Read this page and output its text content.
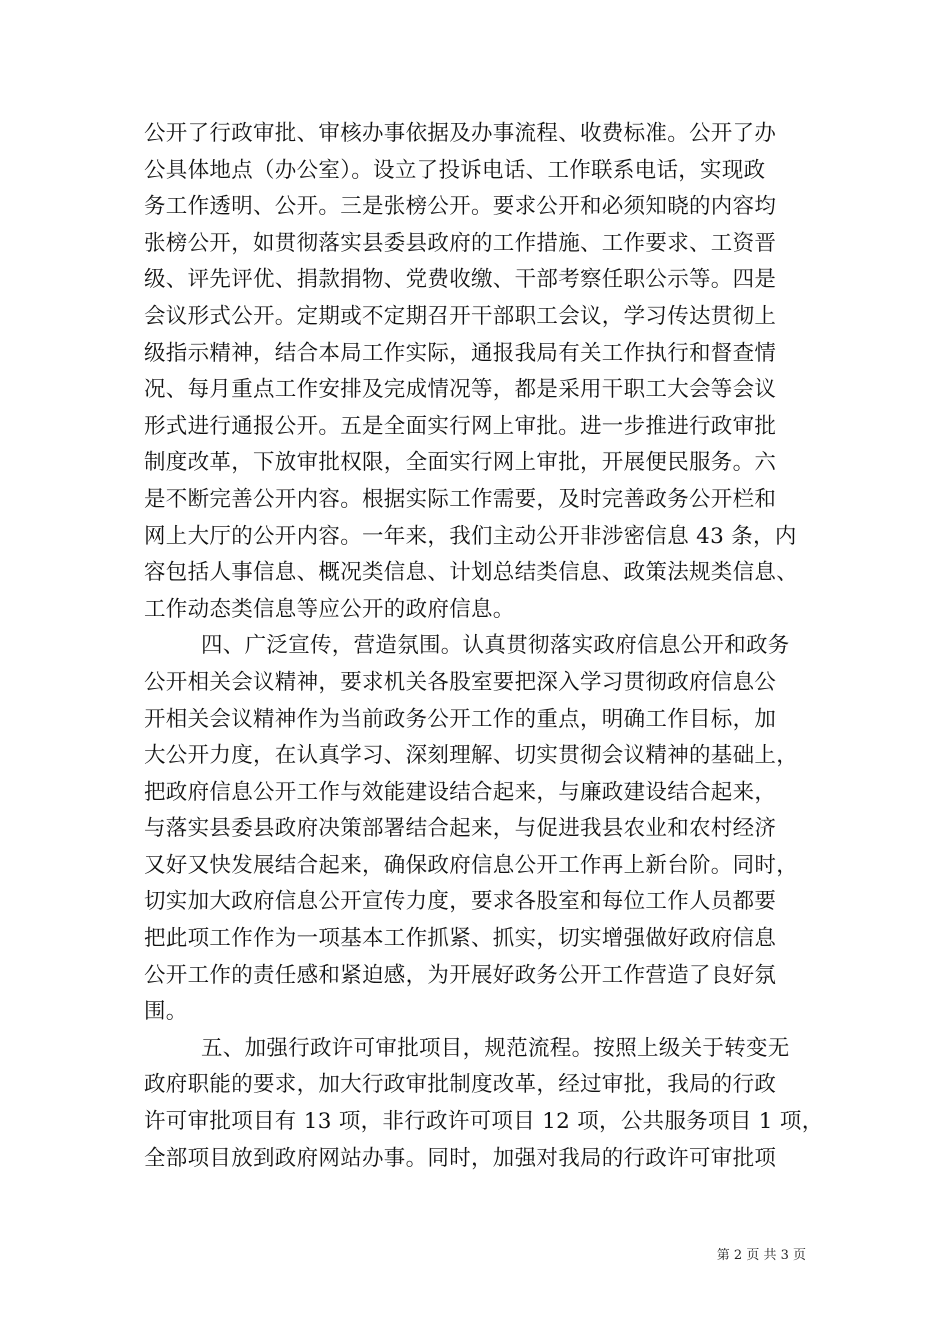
公开了行政审批、审核办事依据及办事流程、收费标准。公开了办
公具体地点（办公室）。设立了投诉电话、工作联系电话，实现政
务工作透明、公开。三是张榜公开。要求公开和必须知晓的内容均
张榜公开，如贯彻落实县委县政府的工作措施、工作要求、工资晋
级、评先评优、捐款捐物、党费收缴、干部考察任职公示等。四是
会议形式公开。定期或不定期召开干部职工会议，学习传达贯彻上
级指示精神，结合本局工作实际，通报我局有关工作执行和督查情
况、每月重点工作安排及完成情况等，都是采用干职工大会等会议
形式进行通报公开。五是全面实行网上审批。进一步推进行政审批
制度改革，下放审批权限，全面实行网上审批，开展便民服务。六
是不断完善公开内容。根据实际工作需要，及时完善政务公开栏和
网上大厅的公开内容。一年来，我们主动公开非涉密信息 43 条，内
容包括人事信息、概况类信息、计划总结类信息、政策法规类信息、
工作动态类信息等应公开的政府信息。
四、广泛宣传，营造氛围。认真贯彻落实政府信息公开和政务
公开相关会议精神，要求机关各股室要把深入学习贯彻政府信息公
开相关会议精神作为当前政务公开工作的重点，明确工作目标，加
大公开力度，在认真学习、深刻理解、切实贯彻会议精神的基础上，
把政府信息公开工作与效能建设结合起来，与廉政建设结合起来，
与落实县委县政府决策部署结合起来，与促进我县农业和农村经济
又好又快发展结合起来，确保政府信息公开工作再上新台阶。同时，
切实加大政府信息公开宣传力度，要求各股室和每位工作人员都要
把此项工作作为一项基本工作抓紧、抓实，切实增强做好政府信息
公开工作的责任感和紧迫感，为开展好政务公开工作营造了良好氛
围。
五、加强行政许可审批项目，规范流程。按照上级关于转变无
政府职能的要求，加大行政审批制度改革，经过审批，我局的行政
许可审批项目有 13 项，非行政许可项目 12 项，公共服务项目 1 项，
全部项目放到政府网站办事。同时，加强对我局的行政许可审批项
第 2 页 共 3 页
